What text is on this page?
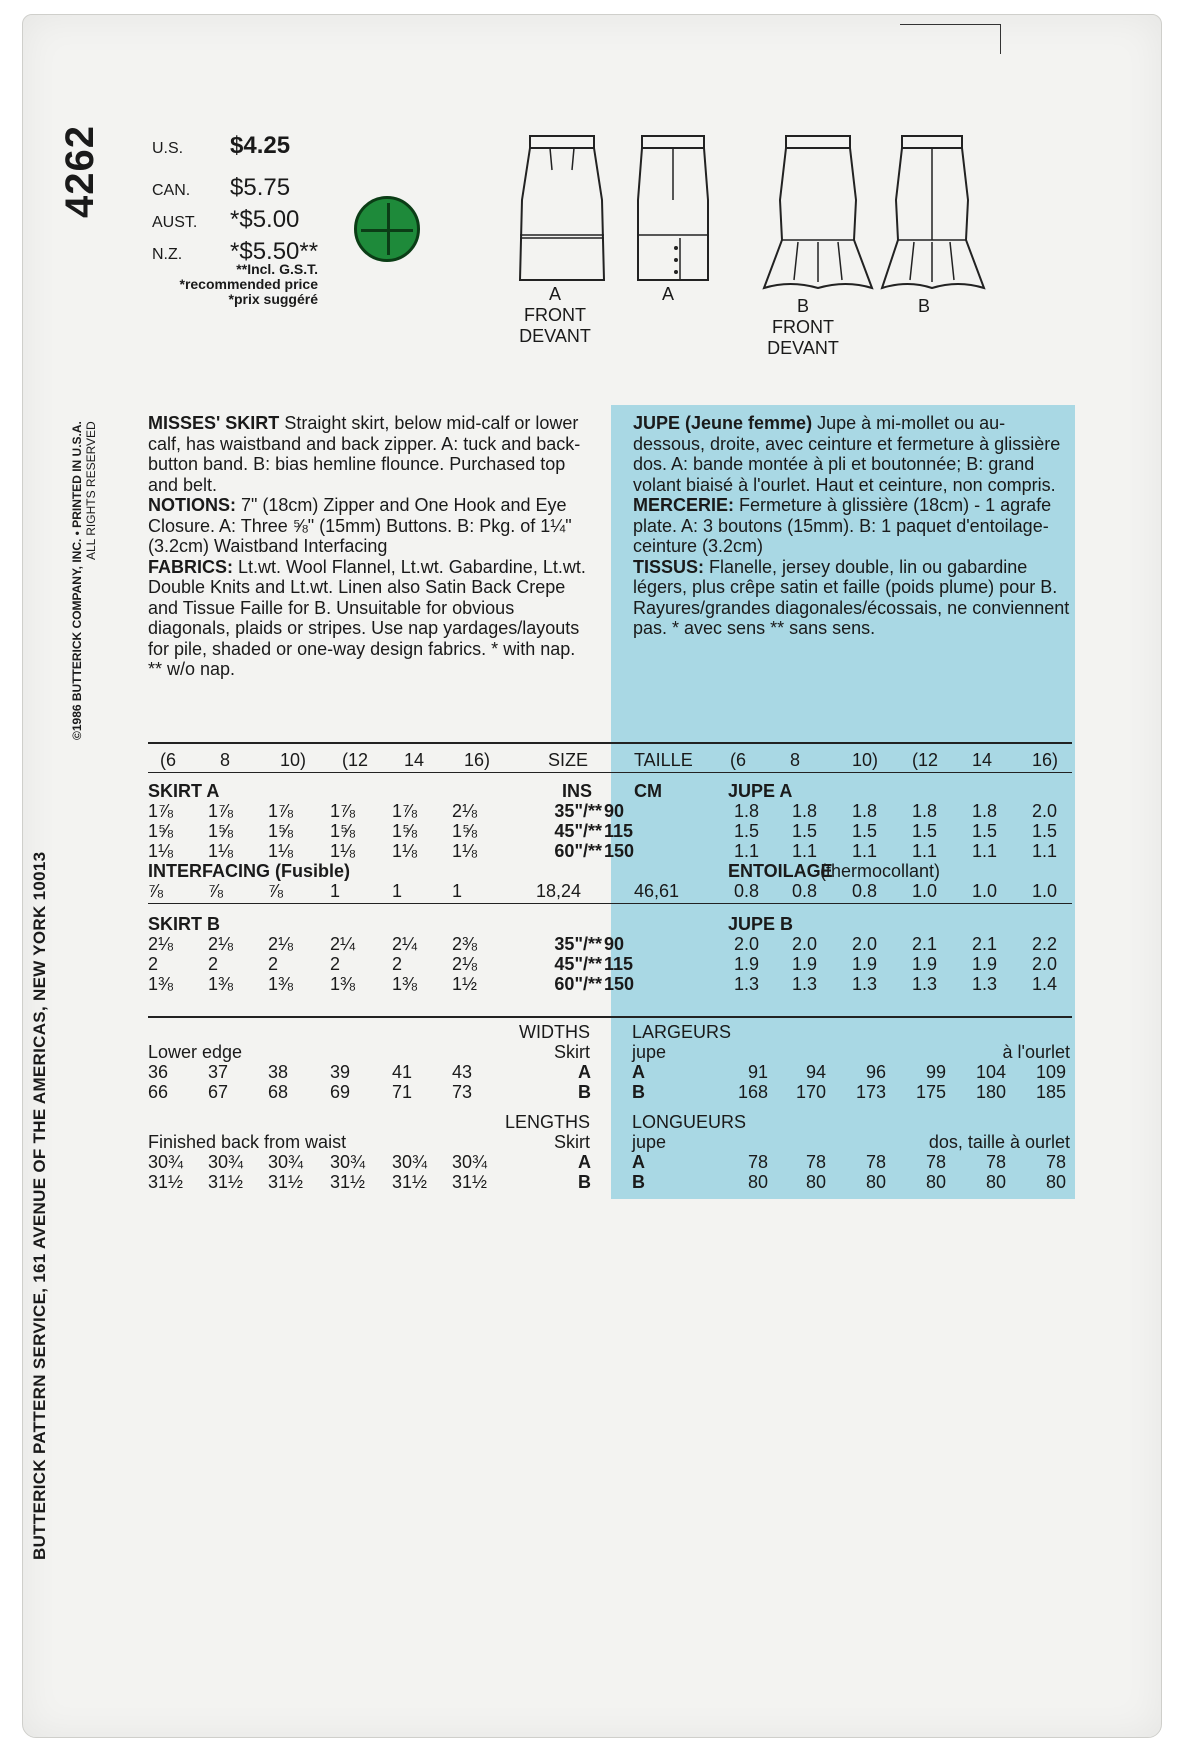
4262
BUTTERICK PATTERN SERVICE, 161 AVENUE OF THE AMERICAS, NEW YORK 10013
©1986 BUTTERICK COMPANY, INC. • PRINTED IN U.S.A. ALL RIGHTS RESERVED
U.S.	$4.25
CAN.	$5.75
AUST.	*$5.00
N.Z.	*$5.50**
**Incl. G.S.T.
*recommended price
*prix suggéré	A
FRONT
DEVANT
A
B
FRONT
DEVANT
B
MISSES' SKIRT Straight skirt, below mid-calf or lower calf, has waistband and back zipper. A: tuck and back-button band. B: bias hemline flounce. Purchased top and belt.
NOTIONS: 7" (18cm) Zipper and One Hook and Eye Closure. A: Three ⅝" (15mm) Buttons. B: Pkg. of 1¼" (3.2cm) Waistband Interfacing
FABRICS: Lt.wt. Wool Flannel, Lt.wt. Gabardine, Lt.wt. Double Knits and Lt.wt. Linen also Satin Back Crepe and Tissue Faille for B. Unsuitable for obvious diagonals, plaids or stripes. Use nap yardages/layouts for pile, shaded or one-way design fabrics. * with nap. ** w/o nap.
JUPE (Jeune femme) Jupe à mi-mollet ou au-dessous, droite, avec ceinture et fermeture à glissière dos. A: bande montée à pli et boutonnée; B: grand volant biaisé à l'ourlet. Haut et ceinture, non compris.
MERCERIE: Fermeture à glissière (18cm) - 1 agrafe plate. A: 3 boutons (15mm). B: 1 paquet d'entoilage-ceinture (3.2cm)
TISSUS: Flanelle, jersey double, lin ou gabardine légers, plus crêpe satin et faille (poids plume) pour B. Rayures/grandes diagonales/écossais, ne conviennent pas. * avec sens ** sans sens.
(6 8	10) (12 14 16)	SIZE	TAILLE (6 8	10) (12 14 16)
SKIRT A	INS CM	JUPE A
1⅞ 1⅞ 1⅞ 1⅞ 1⅞ 2⅛	35"/** 90	1.8 1.8 1.8 1.8 1.8 2.0
1⅝ 1⅝ 1⅝ 1⅝ 1⅝ 1⅝	45"/** 115	1.5 1.5 1.5 1.5 1.5 1.5
1⅛ 1⅛ 1⅛ 1⅛ 1⅛ 1⅛	60"/** 150	1.1 1.1 1.1 1.1 1.1 1.1
INTERFACING (Fusible)	ENTOILAGE
(thermocollant)
⅞ ⅞ ⅞	1	1	1	18,24	46,61	0.8 0.8 0.8 1.0 1.0 1.0
SKIRT B	JUPE B
2⅛ 2⅛ 2⅛ 2¼ 2¼ 2⅜	35"/** 90	2.0 2.0 2.0 2.1 2.1 2.2
2	2	2	2	2	2⅛	45"/** 115	1.9 1.9 1.9 1.9 1.9 2.0
1⅜ 1⅜ 1⅜ 1⅜ 1⅜ 1½	60"/** 150	1.3 1.3 1.3 1.3 1.3 1.4
WIDTHS LARGEURS
Lower edge	Skirt jupe	à l'ourlet
36 37 38 39 41 43	A A	91	94	96	99	104	109
66 67 68 69 71 73	B B	168	170	173	175	180	185
LENGTHS LONGUEURS
Finished back from waist	Skirt jupe	dos, taille à ourlet
30¾ 30¾ 30¾ 30¾ 30¾ 30¾	A A	78	78	78	78	78	78
31½ 31½ 31½ 31½ 31½ 31½	B B	80	80	80	80	80	80
